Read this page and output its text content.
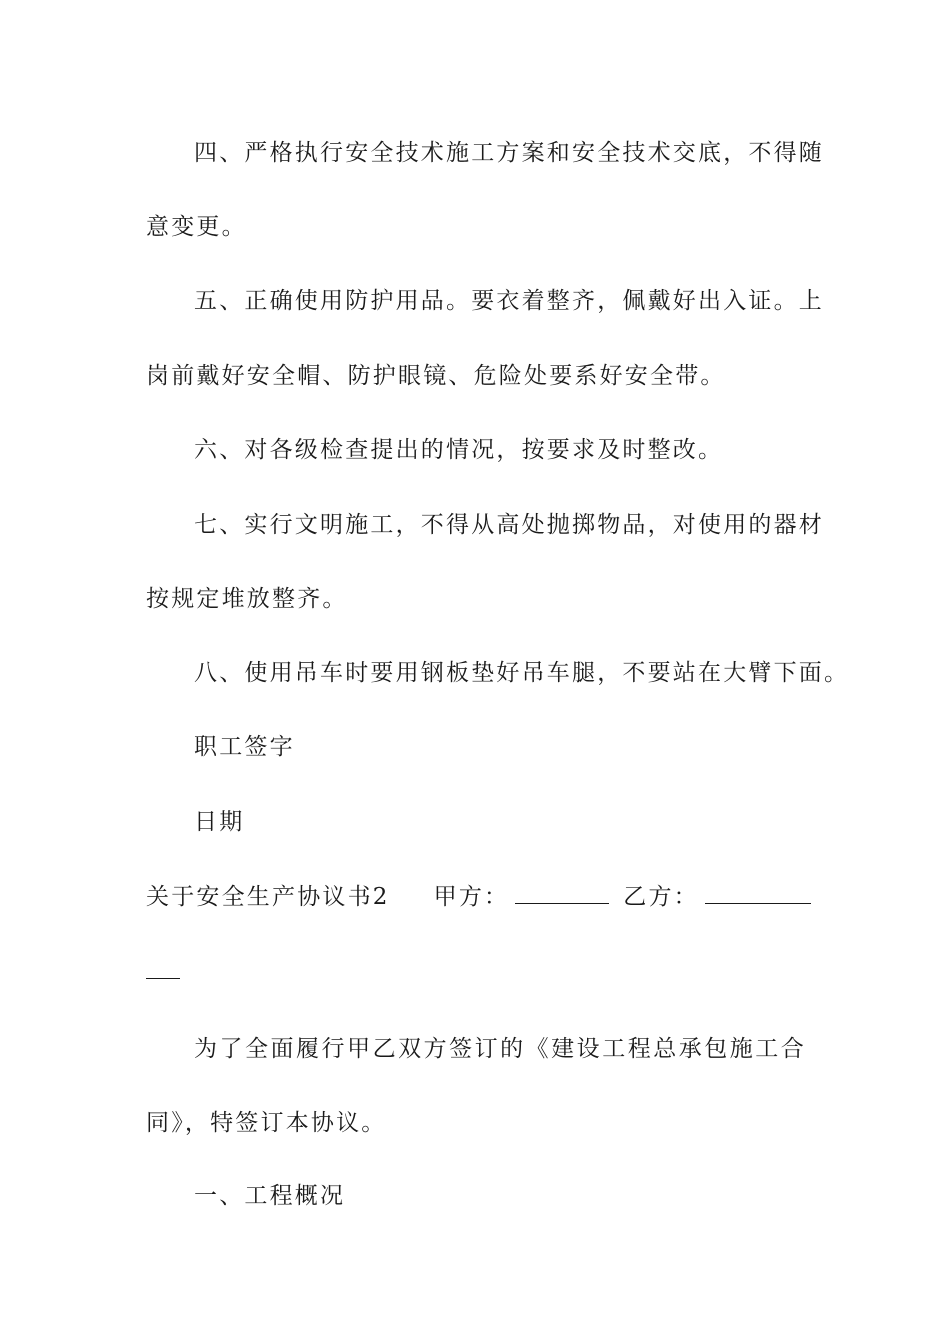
四、严格执行安全技术施工方案和安全技术交底，不得随
意变更。
五、正确使用防护用品。要衣着整齐，佩戴好出入证。上
岗前戴好安全帽、防护眼镜、危险处要系好安全带。
六、对各级检查提出的情况，按要求及时整改。
七、实行文明施工，不得从高处抛掷物品，对使用的器材
按规定堆放整齐。
八、使用吊车时要用钢板垫好吊车腿，不要站在大臂下面。
职工签字
日期
关于安全生产协议书2 甲方：	乙方：
为了全面履行甲乙双方签订的《建设工程总承包施工合
同》，特签订本协议。
一、工程概况
